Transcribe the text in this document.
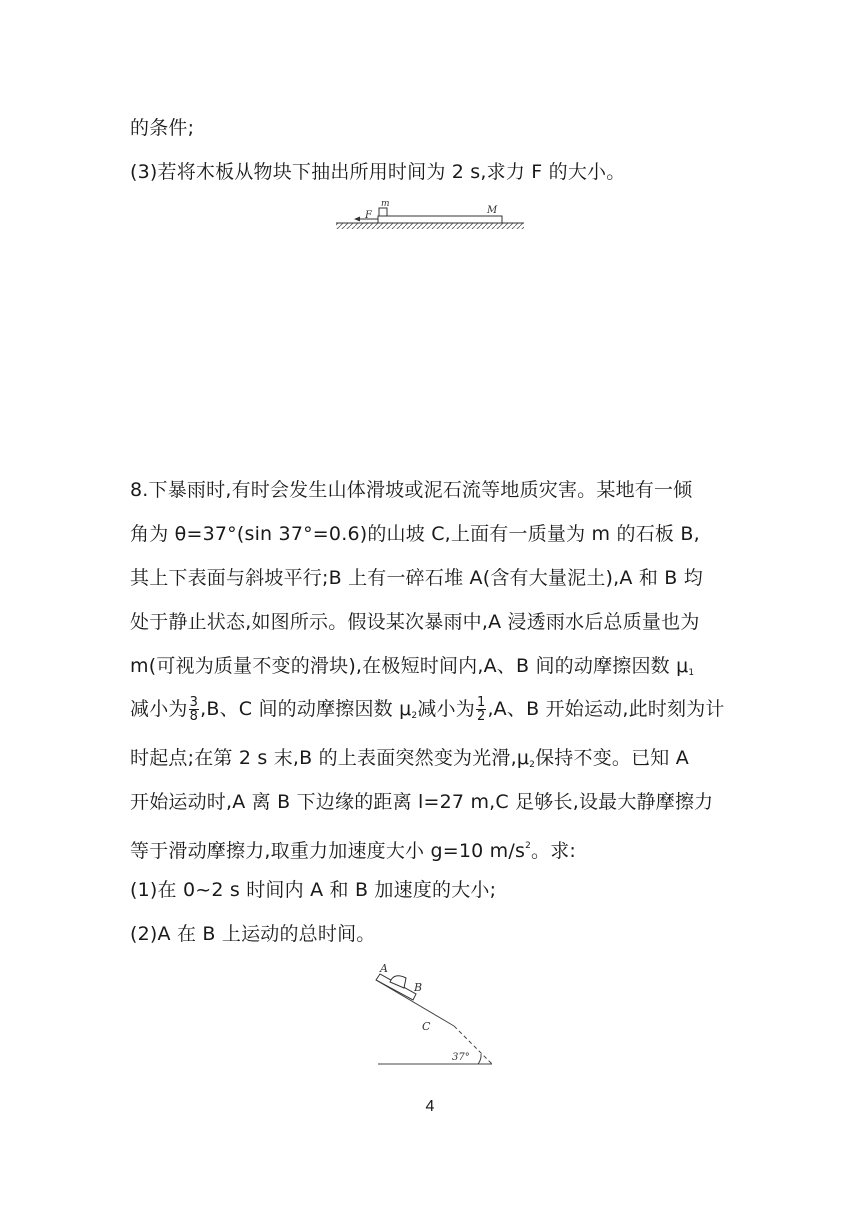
的条件;
(3)若将木板从物块下抽出所用时间为 2 s,求力 F 的大小。
F
m
M
8.下暴雨时,有时会发生山体滑坡或泥石流等地质灾害。某地有一倾
角为 θ=37°(sin 37°=0.6)的山坡 C,上面有一质量为 m 的石板 B,
其上下表面与斜坡平行;B 上有一碎石堆 A(含有大量泥土),A 和 B 均
处于静止状态,如图所示。假设某次暴雨中,A 浸透雨水后总质量也为
m(可视为质量不变的滑块),在极短时间内,A、B 间的动摩擦因数 $\mu_1$
减小为 $\frac{3}{8} ,B$、C 间的动摩擦因数 $\mu_2$减小为 $\frac{1}{2} ,A$、B 开始运动,此时刻为计
时起点;在第 2 s 末,B 的上表面突然变为光滑$,\mu_2$保持不变。已知 A
开始运动时,A 离 B 下边缘的距离 l=27 m,C 足够长,设最大静摩擦力
等于滑动摩擦力,取重力加速度大小 g=10 $m/s^2$。求:
(1)在 0~2 s 时间内 A 和 B 加速度的大小;
(2)A 在 B 上运动的总时间。
A
B
C
37°
4
